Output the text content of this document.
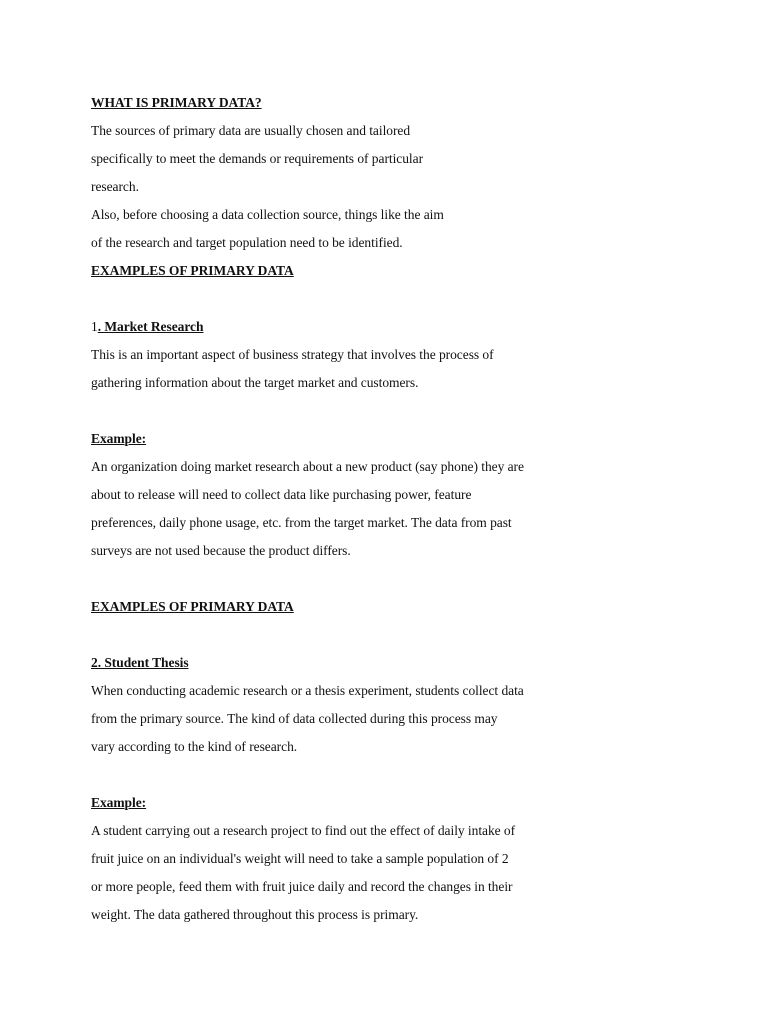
WHAT IS PRIMARY DATA?
The sources of primary data are usually chosen and tailored
specifically to meet the demands or requirements of particular
research.
Also, before choosing a data collection source, things like the aim
of the research and target population need to be identified.
EXAMPLES OF PRIMARY DATA
1. Market Research
This is an important aspect of business strategy that involves the process of
gathering information about the target market and customers.
Example:
An organization doing market research about a new product (say phone) they are
about to release will need to collect data like purchasing power, feature
preferences, daily phone usage, etc. from the target market. The data from past
surveys are not used because the product differs.
EXAMPLES OF PRIMARY DATA
2. Student Thesis
When conducting academic research or a thesis experiment, students collect data
from the primary source. The kind of data collected during this process may
vary according to the kind of research.
Example:
A student carrying out a research project to find out the effect of daily intake of
fruit juice on an individual's weight will need to take a sample population of 2
or more people, feed them with fruit juice daily and record the changes in their
weight. The data gathered throughout this process is primary.
